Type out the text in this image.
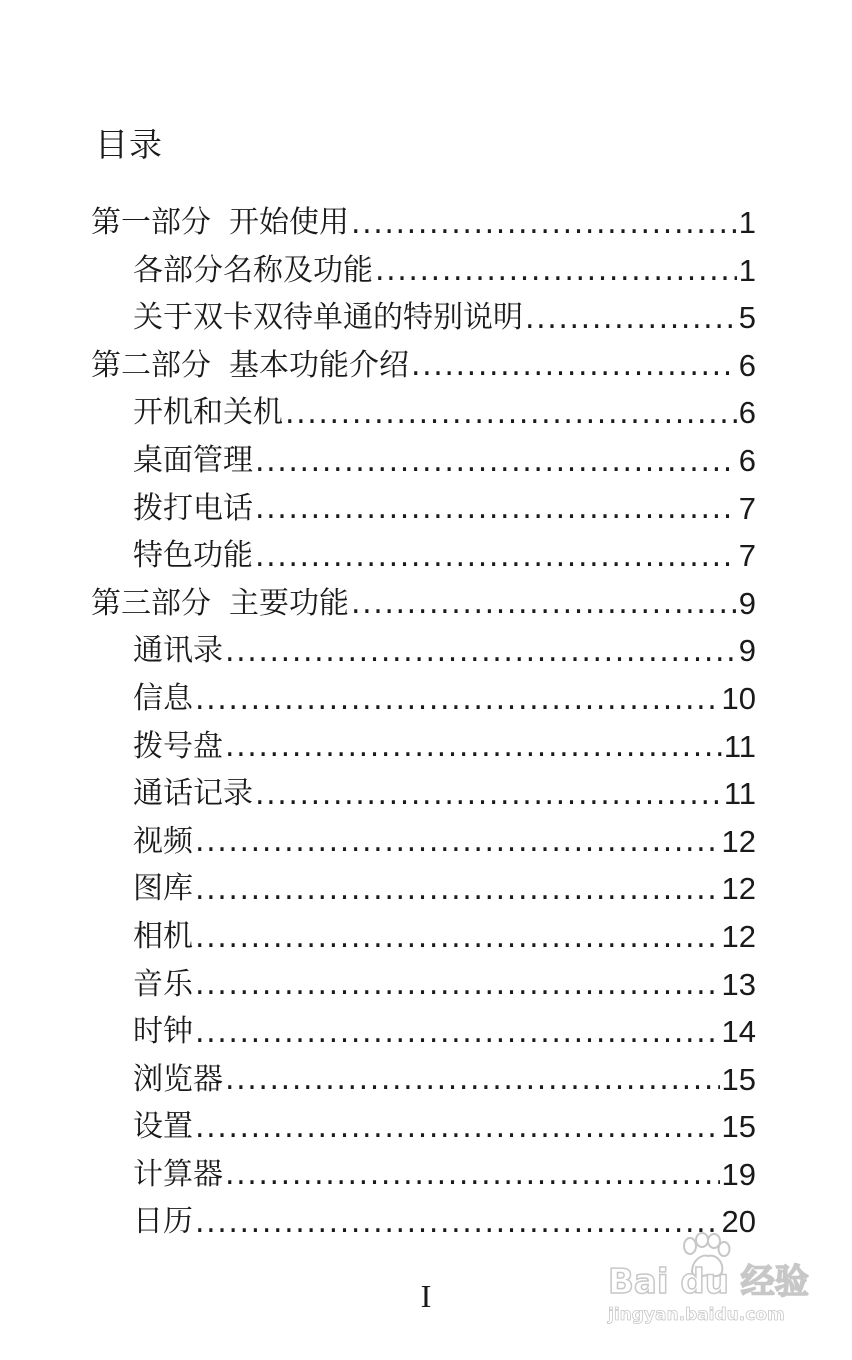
目录
第一部分 开始使用 .....	1
各部分名称及功能 .....	1
关于双卡双待单通的特别说明 .....	5
第二部分 基本功能介绍 .....	6
开机和关机 .....	6
桌面管理 .....	6
拨打电话 .....	7
特色功能 .....	7
第三部分 主要功能 .....	9
通讯录 .....	9
信息 .....	10
拨号盘 .....	11
通话记录 .....	11
视频 .....	12
图库 .....	12
相机 .....	12
音乐 .....	13
时钟 .....	14
浏览器 .....	15
设置 .....	15
计算器 .....	19
日历 .....	20

I	Bai du 经验
jingyan.baidu.com
